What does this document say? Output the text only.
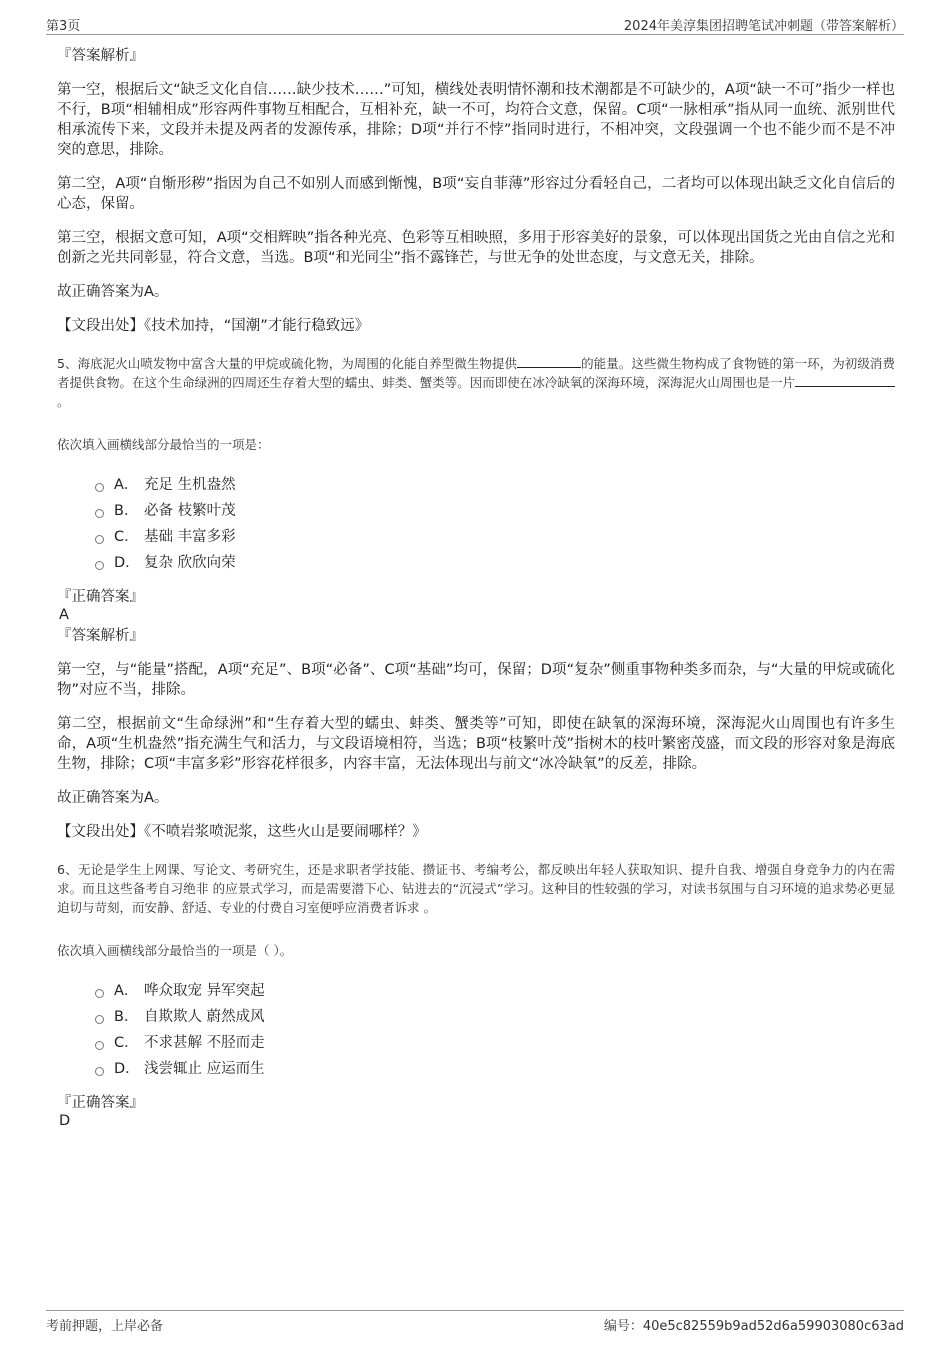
第3页	2024年美淳集团招聘笔试冲刺题（带答案解析）

『答案解析』

第一空，根据后文“缺乏文化自信……缺少技术……”可知，横线处表明情怀潮和技术潮都是不可缺少的，A项“缺一不可”指少一样也不行，B项“相辅相成”形容两件事物互相配合，互相补充，缺一不可，均符合文意，保留。C项“一脉相承”指从同一血统、派别世代相承流传下来，文段并未提及两者的发源传承，排除；D项“并行不悖”指同时进行，不相冲突，文段强调一个也不能少而不是不冲突的意思，排除。

第二空，A项“自惭形秽”指因为自己不如别人而感到惭愧，B项“妄自菲薄”形容过分看轻自己，二者均可以体现出缺乏文化自信后的心态，保留。

第三空，根据文意可知，A项“交相辉映”指各种光亮、色彩等互相映照，多用于形容美好的景象，可以体现出国货之光由自信之光和创新之光共同彰显，符合文意，当选。B项“和光同尘”指不露锋芒，与世无争的处世态度，与文意无关，排除。

故正确答案为A。

【文段出处】《技术加持，“国潮”才能行稳致远》

5、海底泥火山喷发物中富含大量的甲烷或硫化物，为周围的化能自养型微生物提供	的能量。这些微生物构成了食物链的第一环，为初级消费者提供食物。在这个生命绿洲的四周还生存着大型的蠕虫、蚌类、蟹类等。因而即使在冰冷缺氧的深海环境，深海泥火山周围也是一片。

依次填入画横线部分最恰当的一项是：

A． 充足 生机盎然
B． 必备 枝繁叶茂
C． 基础 丰富多彩
D． 复杂 欣欣向荣

『正确答案』

A

『答案解析』

第一空，与“能量”搭配，A项“充足”、B项“必备”、C项“基础”均可，保留；D项“复杂”侧重事物种类多而杂，与“大量的甲烷或硫化物”对应不当，排除。

第二空，根据前文“生命绿洲”和“生存着大型的蠕虫、蚌类、蟹类等”可知，即使在缺氧的深海环境，深海泥火山周围也有许多生命，A项“生机盎然”指充满生气和活力，与文段语境相符，当选；B项“枝繁叶茂”指树木的枝叶繁密茂盛，而文段的形容对象是海底生物，排除；C项“丰富多彩”形容花样很多，内容丰富，无法体现出与前文“冰冷缺氧”的反差，排除。

故正确答案为A。

【文段出处】《不喷岩浆喷泥浆，这些火山是要闹哪样？》

6、无论是学生上网课、写论文、考研究生，还是求职者学技能、攒证书、考编考公，都反映出年轻人获取知识、提升自我、增强自身竞争力的内在需求。而且这些备考自习绝非 的应景式学习，而是需要潜下心、钻进去的“沉浸式”学习。这种目的性较强的学习，对读书氛围与自习环境的追求势必更显迫切与苛刻，而安静、舒适、专业的付费自习室便呼应消费者诉求 。

依次填入画横线部分最恰当的一项是（ ）。

A． 哗众取宠 异军突起
B． 自欺欺人 蔚然成风
C． 不求甚解 不胫而走
D． 浅尝辄止 应运而生

『正确答案』

D

考前押题，上岸必备	编号：40e5c82559b9ad52d6a59903080c63ad
